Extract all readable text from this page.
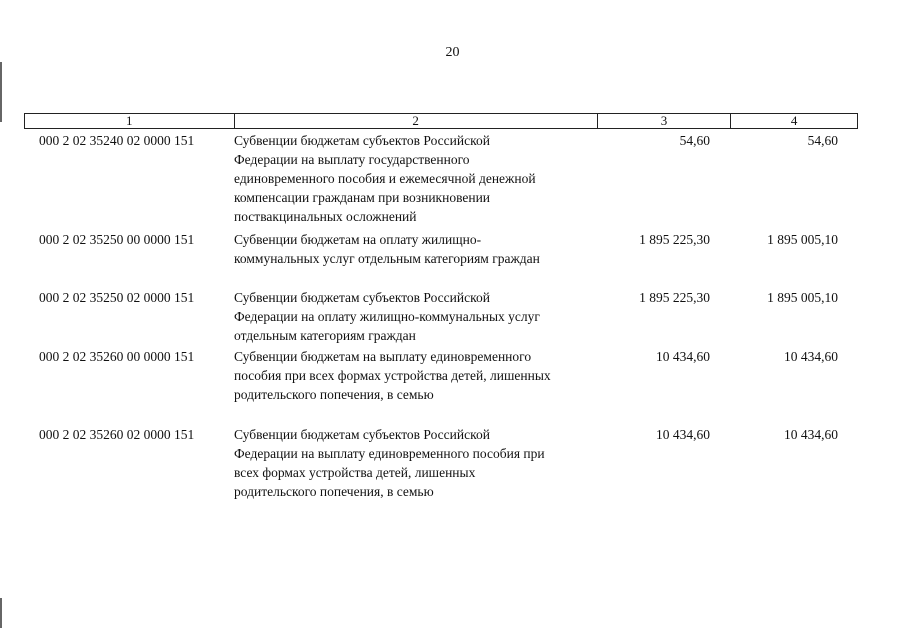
20
1	2	3	4
000 2 02 35240 02 0000 151	Субвенции бюджетам субъектов Российской
Федерации на выплату государственного
единовременного пособия и ежемесячной денежной
компенсации гражданам при возникновении
поствакцинальных осложнений
54,60	54,60
000 2 02 35250 00 0000 151	Субвенции бюджетам на оплату жилищно-
коммунальных услуг отдельным категориям граждан
1 895 225,30	1 895 005,10
000 2 02 35250 02 0000 151	Субвенции бюджетам субъектов Российской
Федерации на оплату жилищно-коммунальных услуг
отдельным категориям граждан
1 895 225,30	1 895 005,10
000 2 02 35260 00 0000 151	Субвенции бюджетам на выплату единовременного
пособия при всех формах устройства детей, лишенных
родительского попечения, в семью
10 434,60	10 434,60
000 2 02 35260 02 0000 151	Субвенции бюджетам субъектов Российской
Федерации на выплату единовременного пособия при
всех формах устройства детей, лишенных
родительского попечения, в семью
10 434,60	10 434,60
